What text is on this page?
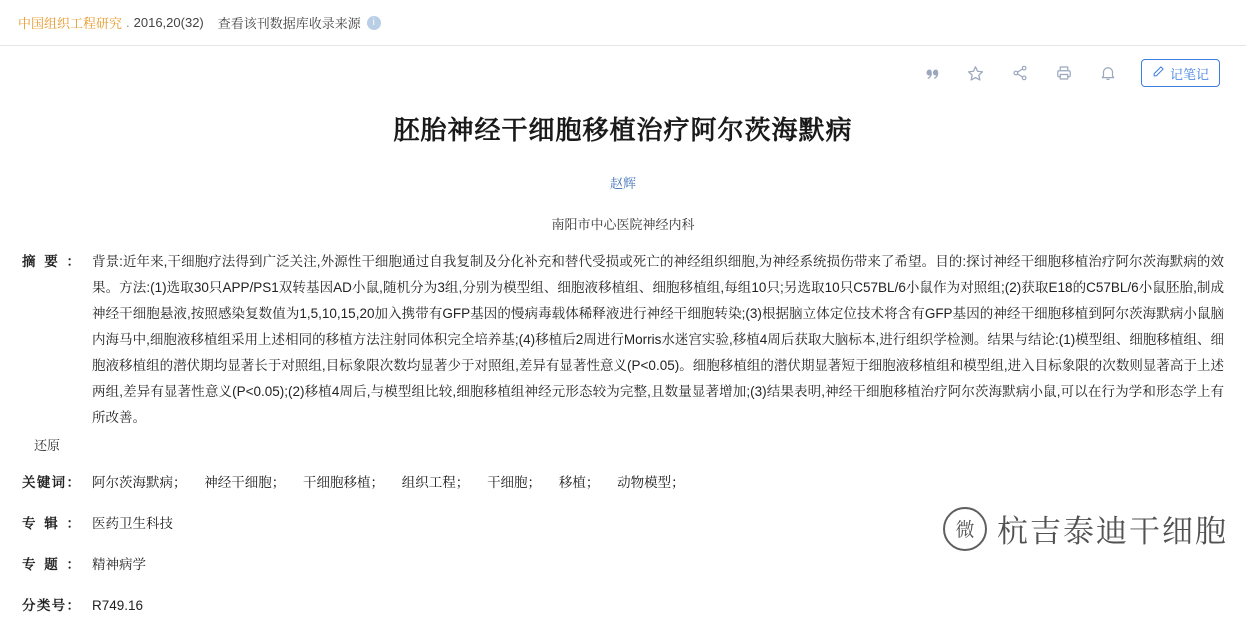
中国组织工程研究 . 2016,20(32) 查看该刊数据库收录来源	i
记笔记
胚胎神经干细胞移植治疗阿尔茨海默病
赵辉
南阳市中心医院神经内科
摘要： 背景:近年来,干细胞疗法得到广泛关注,外源性干细胞通过自我复制及分化补充和替代受损或死亡的神经组织细胞,为神经系统损伤带来了希望。目的:探讨神经干细胞移植治疗阿尔茨海默病的效果。方法:(1)选取30只APP/PS1双转基因AD小鼠,随机分为3组,分别为模型组、细胞液移植组、细胞移植组,每组10只;另选取10只C57BL/6小鼠作为对照组;(2)获取E18的C57BL/6小鼠胚胎,制成神经干细胞悬液,按照感染复数值为1,5,10,15,20加入携带有GFP基因的慢病毒载体稀释液进行神经干细胞转染;(3)根据脑立体定位技术将含有GFP基因的神经干细胞移植到阿尔茨海默病小鼠脑内海马中,细胞液移植组采用上述相同的移植方法注射同体积完全培养基;(4)移植后2周进行Morris水迷宫实验,移植4周后获取大脑标本,进行组织学检测。结果与结论:(1)模型组、细胞移植组、细胞液移植组的潜伏期均显著长于对照组,目标象限次数均显著少于对照组,差异有显著性意义(P<0.05)。细胞移植组的潜伏期显著短于细胞液移植组和模型组,进入目标象限的次数则显著高于上述两组,差异有显著性意义(P<0.05);(2)移植4周后,与模型组比较,细胞移植组神经元形态较为完整,且数量显著增加;(3)结果表明,神经干细胞移植治疗阿尔茨海默病小鼠,可以在行为学和形态学上有所改善。
还原
关键词： 阿尔茨海默病； 神经干细胞； 干细胞移植； 组织工程； 干细胞； 移植； 动物模型；
专辑： 医药卫生科技
专题： 精神病学
分类号： R749.16
微 杭吉泰迪干细胞
